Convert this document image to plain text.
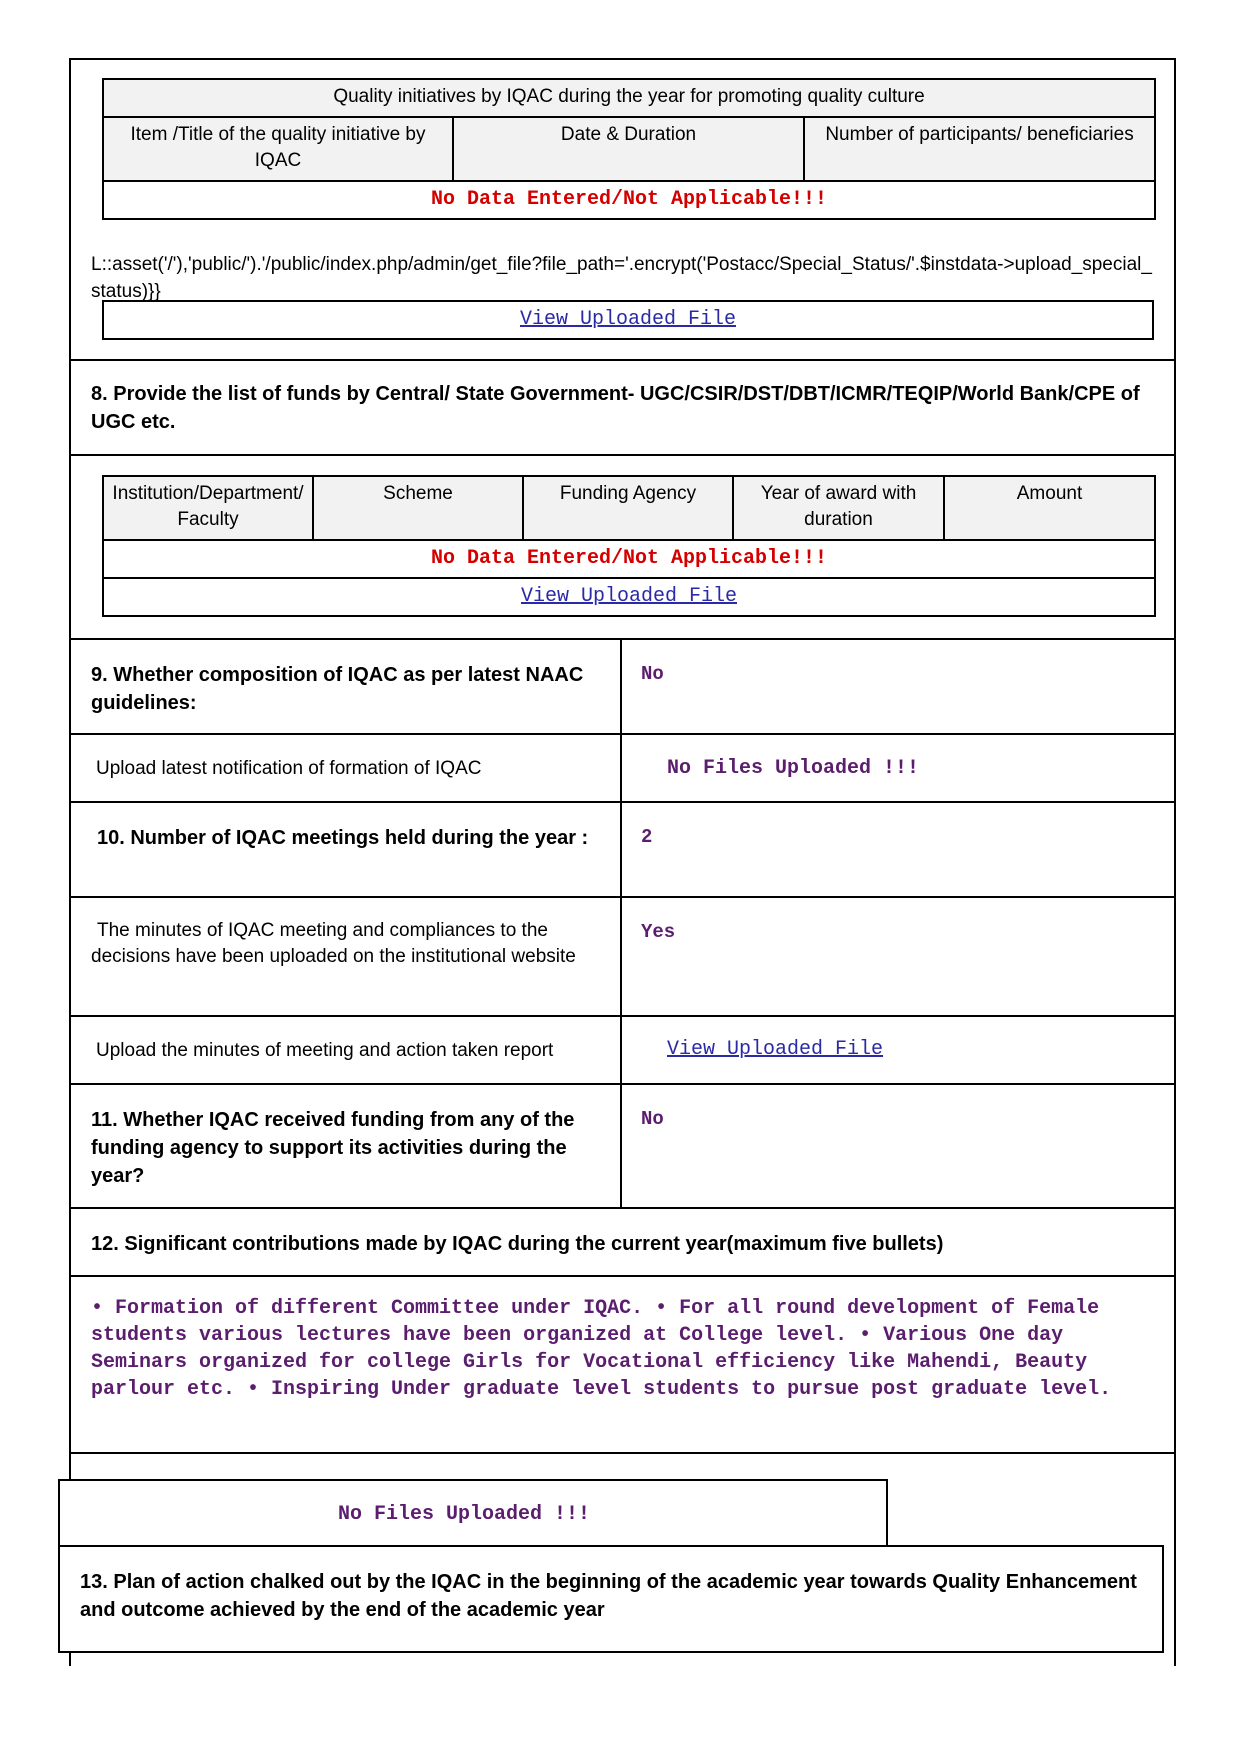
Quality initiatives by IQAC during the year for promoting quality culture
Item /Title of the quality initiative by IQAC	Date & Duration	Number of participants/ beneficiaries
No Data Entered/Not Applicable!!!
L::asset('/'),'public/').'/public/index.php/admin/get_file?file_path='.encrypt('Postacc/Special_Status/'.$instdata->upload_special_status)}}
View Uploaded File
8. Provide the list of funds by Central/ State Government- UGC/CSIR/DST/DBT/ICMR/TEQIP/World Bank/CPE of UGC etc.
Institution/Department/Faculty	Scheme	Funding Agency	Year of award with duration	Amount
No Data Entered/Not Applicable!!!
View Uploaded File
9. Whether composition of IQAC as per latest NAAC guidelines:
No
Upload latest notification of formation of IQAC	No Files Uploaded !!!
10. Number of IQAC meetings held during the year :	2
The minutes of IQAC meeting and compliances to the decisions have been uploaded on the institutional website
Yes
Upload the minutes of meeting and action taken report	View Uploaded File
11. Whether IQAC received funding from any of the funding agency to support its activities during the year?
No
12. Significant contributions made by IQAC during the current year(maximum five bullets)
• Formation of different Committee under IQAC. • For all round development of Female students various lectures have been organized at College level. • Various One day Seminars organized for college Girls for Vocational efficiency like Mahendi, Beauty parlour etc. • Inspiring Under graduate level students to pursue post graduate level.
No Files Uploaded !!!
13. Plan of action chalked out by the IQAC in the beginning of the academic year towards Quality Enhancement and outcome achieved by the end of the academic year
